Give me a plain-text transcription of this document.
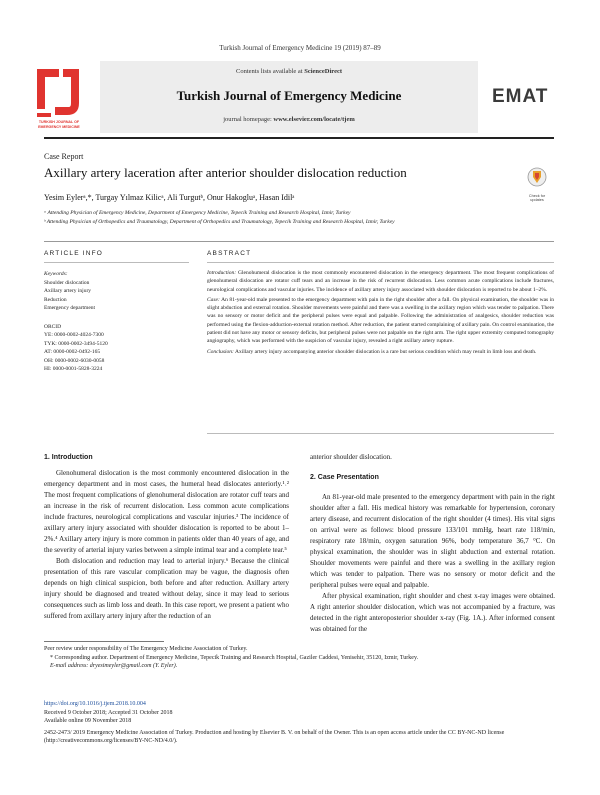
Turkish Journal of Emergency Medicine 19 (2019) 87–89
TURKISH JOURNAL OF EMERGENCY MEDICINE
Contents lists available at ScienceDirect
Turkish Journal of Emergency Medicine
journal homepage: www.elsevier.com/locate/tjem
EMAT
Case Report
Axillary artery laceration after anterior shoulder dislocation reduction
Check for updates
Yesim Eylerᵃ,*, Turgay Yılmaz Kilicᵃ, Ali Turgutᵇ, Onur Hakogluᵃ, Hasan Idilᵃ
ᵃ Attending Physician of Emergency Medicine, Department of Emergency Medicine, Tepecik Training and Research Hospital, Izmir, Turkey
ᵇ Attending Physician of Orthopedics and Traumatology, Department of Orthopedics and Traumatology, Tepecik Training and Research Hospital, Izmir, Turkey
ARTICLE INFO	ABSTRACT
Keywords:
Shoulder dislocation
Axillary artery injury
Reduction
Emergency department
ORCID
YE: 0000-0002-4024-7300
TYK: 0000-0002-3494-5120
AT: 0000-0002-0492-165
OH: 0000-0002-6030-0058
HI: 0000-0001-5828-3224

Introduction: Glenohumeral dislocation is the most commonly encountered dislocation in the emergency department. The most frequent complications of glenohumeral dislocation are rotator cuff tears and an increase in the risk of recurrent dislocation. Less common acute complications include fractures, neurological complications and vascular injuries. The incidence of axillary artery injury associated with shoulder dislocation is reported to be about 1–2%.

Case: An 81-year-old male presented to the emergency department with pain in the right shoulder after a fall. On physical examination, the shoulder was in slight abduction and external rotation. Shoulder movements were painful and there was a swelling in the axillary region which was tender to palpation. There was no sensory or motor deficit and the peripheral pulses were equal and palpable. Following the administration of analgesics, shoulder reduction was performed using the flexion-adduction-external rotation method. After reduction, the patient started complaining of axillary pain. On control examination, the patient did not have any motor or sensory deficits, but peripheral pulses were not palpable on the right arm. The right upper extremity computed tomography angiography, which was performed with the suspicion of vascular injury, revealed a right axillary artery rupture.

Conclusion: Axillary artery injury accompanying anterior shoulder dislocation is a rare but serious condition which may result in limb loss and death.

1. Introduction

Glenohumeral dislocation is the most commonly encountered dislocation in the emergency department and in most cases, the humeral head dislocates anteriorly.¹˒² The most frequent complications of glenohumeral dislocation are rotator cuff tears and an increase in the risk of recurrent dislocation. Less common acute complications include fractures, neurological complications and vascular injuries.³ The incidence of axillary artery injury associated with shoulder dislocation is reported to be about 1–2%.⁴ Axillary artery injury is more common in patients older than 40 years of age, and the severity of arterial injury varies between a simple intimal tear and a complete tear.⁵

Both dislocation and reduction may lead to arterial injury.⁶ Because the clinical presentation of this rare vascular complication may be vague, the diagnosis often depends on high clinical suspicion, both before and after reduction. Axillary artery injury should be diagnosed and treated without delay, since it may lead to serious consequences such as limb loss and death. In this case report, we present a patient who suffered from axillary artery injury after the reduction of an

anterior shoulder dislocation.
2. Case Presentation

An 81-year-old male presented to the emergency department with pain in the right shoulder after a fall. His medical history was remarkable for hypertension, coronary artery disease, and recurrent dislocation of the right shoulder (4 times). His vital signs on arrival were as follows: blood pressure 133/101 mmHg, heart rate 118/min, respiratory rate 18/min, oxygen saturation 96%, body temperature 36,7 °C. On physical examination, the shoulder was in slight abduction and external rotation. Shoulder movements were painful and there was a swelling in the axillary region which was tender to palpation. There was no sensory or motor deficit and the peripheral pulses were equal and palpable.

After physical examination, right shoulder and chest x-ray images were obtained. A right anterior shoulder dislocation, which was not accompanied by a fracture, was detected in the right anteroposterior shoulder x-ray (Fig. 1A.). After informed consent was obtained for the

Peer review under responsibility of The Emergency Medicine Association of Turkey.
* Corresponding author. Department of Emergency Medicine, Tepecik Training and Research Hospital, Gaziler Caddesi, Yenisehir, 35120, Izmir, Turkey.
E-mail address: dryesimeyler@gmail.com (Y. Eyler).
https://doi.org/10.1016/j.tjem.2018.10.004
Received 9 October 2018; Accepted 31 October 2018
Available online 09 November 2018
2452-2473/ 2019 Emergency Medicine Association of Turkey. Production and hosting by Elsevier B. V. on behalf of the Owner. This is an open access article under the CC BY-NC-ND license (http://creativecommons.org/licenses/BY-NC-ND/4.0/).
